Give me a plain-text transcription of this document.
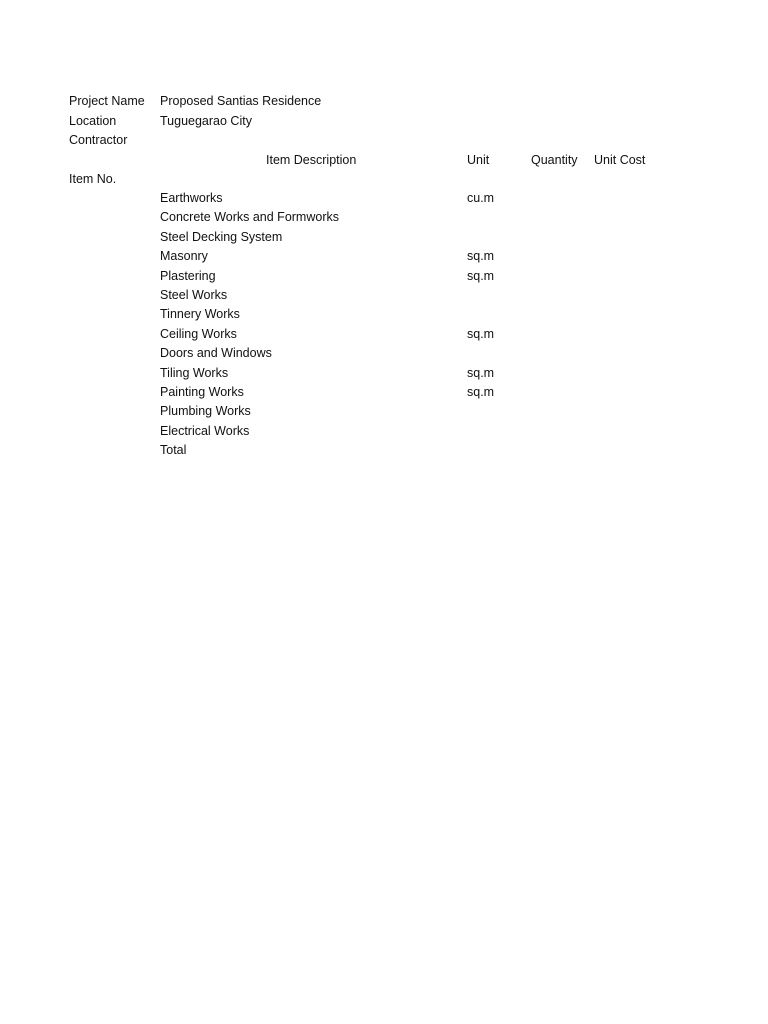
Project Name Proposed Santias Residence
Location	Tuguegarao City
Contractor
Item Description	Unit	Quantity Unit Cost
Item No.
Earthworks	cu.m
Concrete Works and Formworks
Steel Decking System
Masonry	sq.m
Plastering	sq.m
Steel Works
Tinnery Works
Ceiling Works	sq.m
Doors and Windows
Tiling Works	sq.m
Painting Works	sq.m
Plumbing Works
Electrical Works
Total
